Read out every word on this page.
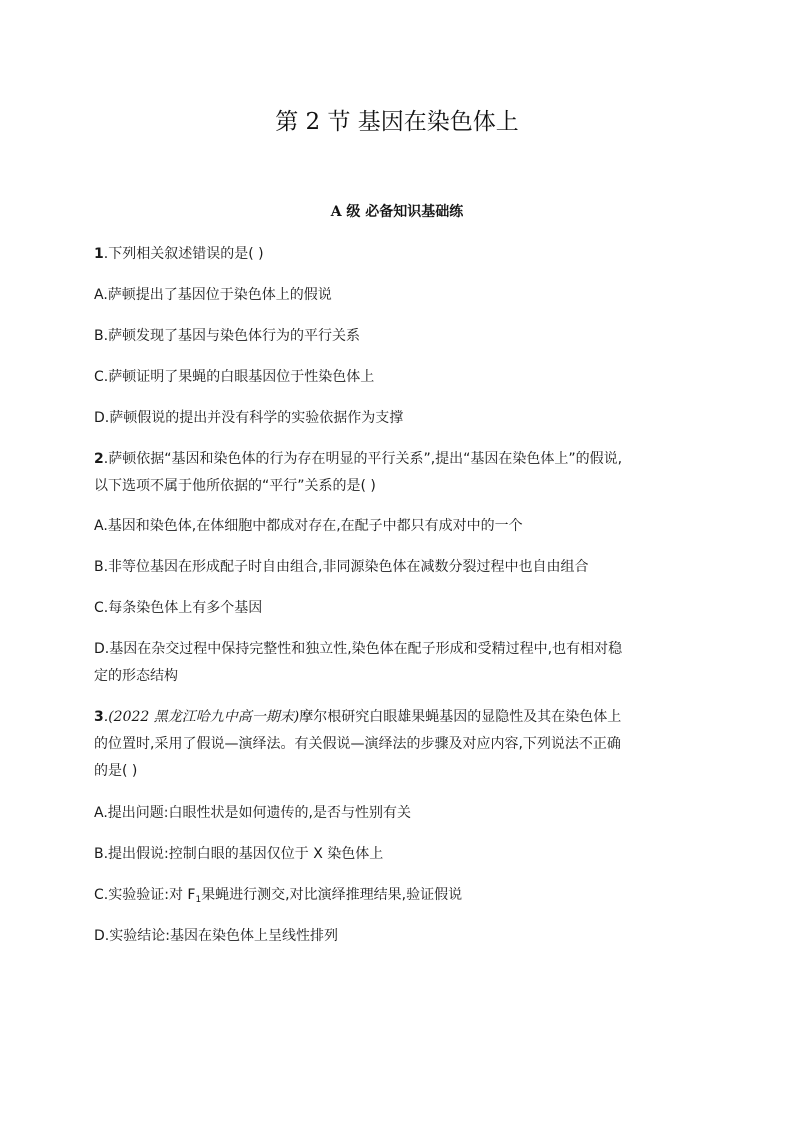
第 2 节 基因在染色体上
A 级 必备知识基础练
1.下列相关叙述错误的是( )
A.萨顿提出了基因位于染色体上的假说
B.萨顿发现了基因与染色体行为的平行关系
C.萨顿证明了果蝇的白眼基因位于性染色体上
D.萨顿假说的提出并没有科学的实验依据作为支撑
2.萨顿依据“基因和染色体的行为存在明显的平行关系”,提出“基因在染色体上”的假说,
以下选项不属于他所依据的“平行”关系的是( )
A.基因和染色体,在体细胞中都成对存在,在配子中都只有成对中的一个
B.非等位基因在形成配子时自由组合,非同源染色体在减数分裂过程中也自由组合
C.每条染色体上有多个基因
D.基因在杂交过程中保持完整性和独立性,染色体在配子形成和受精过程中,也有相对稳
定的形态结构
3.(2022 黑龙江哈九中高一期末)摩尔根研究白眼雄果蝇基因的显隐性及其在染色体上
的位置时,采用了假说—演绎法。有关假说—演绎法的步骤及对应内容,下列说法不正确
的是( )
A.提出问题:白眼性状是如何遗传的,是否与性别有关
B.提出假说:控制白眼的基因仅位于 X 染色体上
C.实验验证:对 $F_1$果蝇进行测交,对比演绎推理结果,验证假说
D.实验结论:基因在染色体上呈线性排列
